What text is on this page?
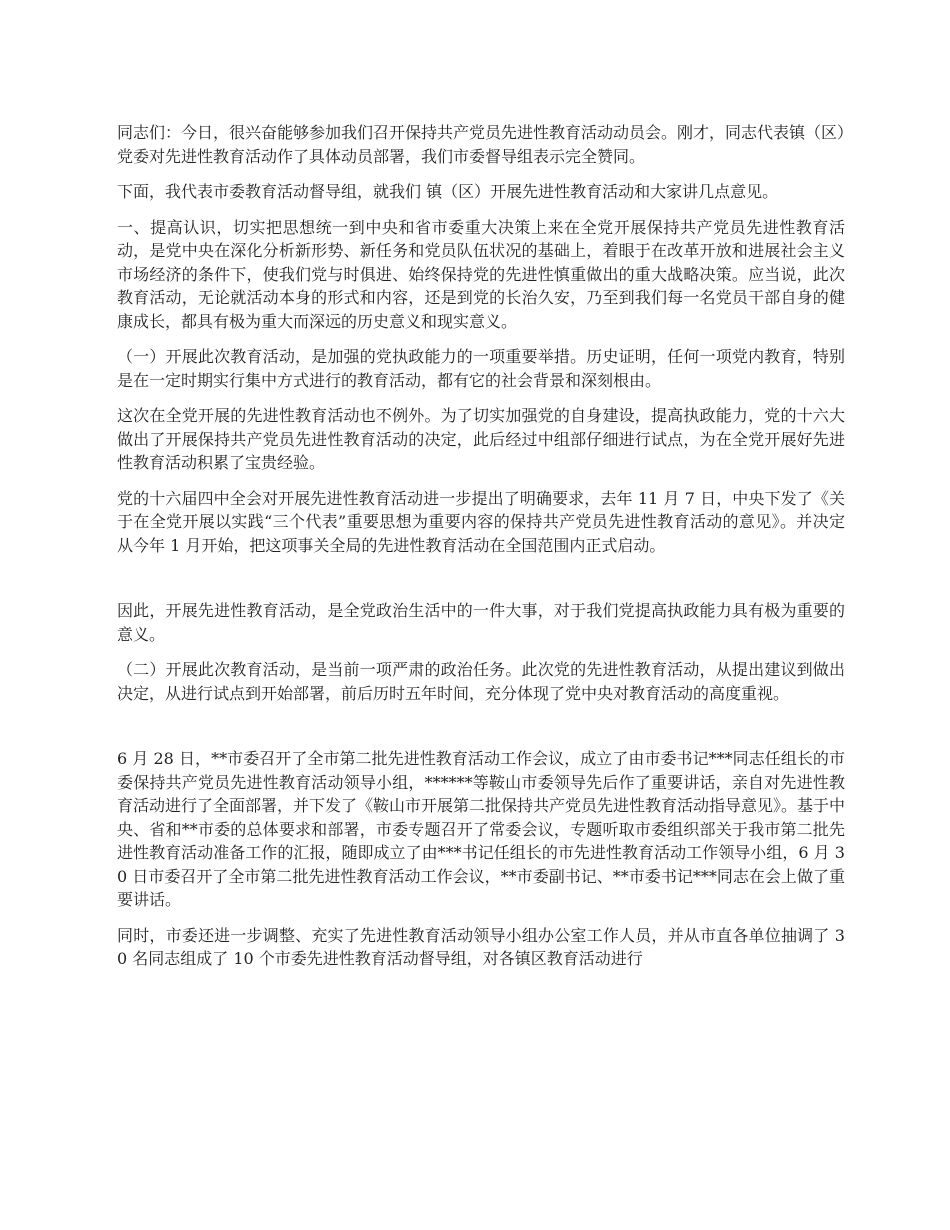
同志们：今日，很兴奋能够参加我们召开保持共产党员先进性教育活动动员会。刚才，同志代表镇（区）党委对先进性教育活动作了具体动员部署，我们市委督导组表示完全赞同。

下面，我代表市委教育活动督导组，就我们 镇（区）开展先进性教育活动和大家讲几点意见。

一、提高认识，切实把思想统一到中央和省市委重大决策上来在全党开展保持共产党员先进性教育活动，是党中央在深化分析新形势、新任务和党员队伍状况的基础上，着眼于在改革开放和进展社会主义市场经济的条件下，使我们党与时俱进、始终保持党的先进性慎重做出的重大战略决策。应当说，此次教育活动，无论就活动本身的形式和内容，还是到党的长治久安，乃至到我们每一名党员干部自身的健康成长，都具有极为重大而深远的历史意义和现实意义。

（一）开展此次教育活动，是加强的党执政能力的一项重要举措。历史证明，任何一项党内教育，特别是在一定时期实行集中方式进行的教育活动，都有它的社会背景和深刻根由。

这次在全党开展的先进性教育活动也不例外。为了切实加强党的自身建设，提高执政能力，党的十六大做出了开展保持共产党员先进性教育活动的决定，此后经过中组部仔细进行试点，为在全党开展好先进性教育活动积累了宝贵经验。

党的十六届四中全会对开展先进性教育活动进一步提出了明确要求，去年 11 月 7 日，中央下发了《关于在全党开展以实践“三个代表”重要思想为重要内容的保持共产党员先进性教育活动的意见》。并决定从今年 1 月开始，把这项事关全局的先进性教育活动在全国范围内正式启动。

因此，开展先进性教育活动，是全党政治生活中的一件大事，对于我们党提高执政能力具有极为重要的意义。

（二）开展此次教育活动，是当前一项严肃的政治任务。此次党的先进性教育活动，从提出建议到做出决定，从进行试点到开始部署，前后历时五年时间，充分体现了党中央对教育活动的高度重视。

6 月 28 日，**市委召开了全市第二批先进性教育活动工作会议，成立了由市委书记***同志任组长的市委保持共产党员先进性教育活动领导小组，******等鞍山市委领导先后作了重要讲话，亲自对先进性教育活动进行了全面部署，并下发了《鞍山市开展第二批保持共产党员先进性教育活动指导意见》。基于中央、省和**市委的总体要求和部署，市委专题召开了常委会议，专题听取市委组织部关于我市第二批先进性教育活动准备工作的汇报，随即成立了由***书记任组长的市先进性教育活动工作领导小组，6 月 30 日市委召开了全市第二批先进性教育活动工作会议，**市委副书记、**市委书记***同志在会上做了重要讲话。

同时，市委还进一步调整、充实了先进性教育活动领导小组办公室工作人员，并从市直各单位抽调了 30 名同志组成了 10 个市委先进性教育活动督导组，对各镇区教育活动进行
